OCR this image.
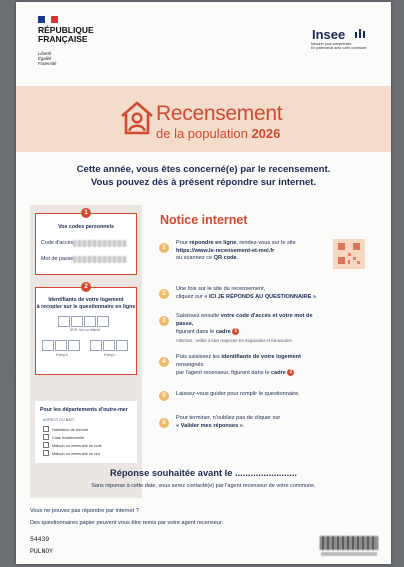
RÉPUBLIQUE
FRANÇAISE
Liberté
Égalité
Fraternité
Insee
Mesurer pour comprendre
En partenariat avec votre commune
Recensement
de la population 2026
Cette année, vous êtes concerné(e) par le recensement.
Vous pouvez dès à présent répondre sur internet.
1
Vos codes personnels
Code d'accès
Mot de passe
2
Identifiants de votre logement
à recopier sur le questionnaire en ligne
IRIS, îlot ou district
Rang A	Rang L
Pour les départements d'outre-mer
ASPECT DU BÂTI
Habitation de fortune
Case traditionnelle
Maison ou immeuble en bois
Maison ou immeuble en dur
Notice internet
1
Pour répondre en ligne, rendez-vous sur le site
https://www.le-recensement-et-moi.fr
ou scannez ce QR code.
2
Une fois sur le site du recensement,
cliquez sur « ICI JE RÉPONDS AU QUESTIONNAIRE ».
3
Saisissez ensuite votre code d'accès et votre mot de passe,
figurant dans le cadre 1
Attention : veillez à bien respecter les majuscules et minuscules.
4
Puis saisissez les identifiants de votre logement renseignés
par l'agent recenseur, figurant dans le cadre 2
5	Laissez-vous guider pour remplir le questionnaire.
6
Pour terminer, n'oubliez pas de cliquer sur
« Valider mes réponses ».
168848 - 02/25
Réponse souhaitée avant le ........................
Sans réponse à cette date, vous serez contacté(e) par l'agent recenseur de votre commune.
Vous ne pouvez pas répondre par internet ?
Des questionnaires papier peuvent vous être remis par votre agent recenseur.
54439
PULNOY
